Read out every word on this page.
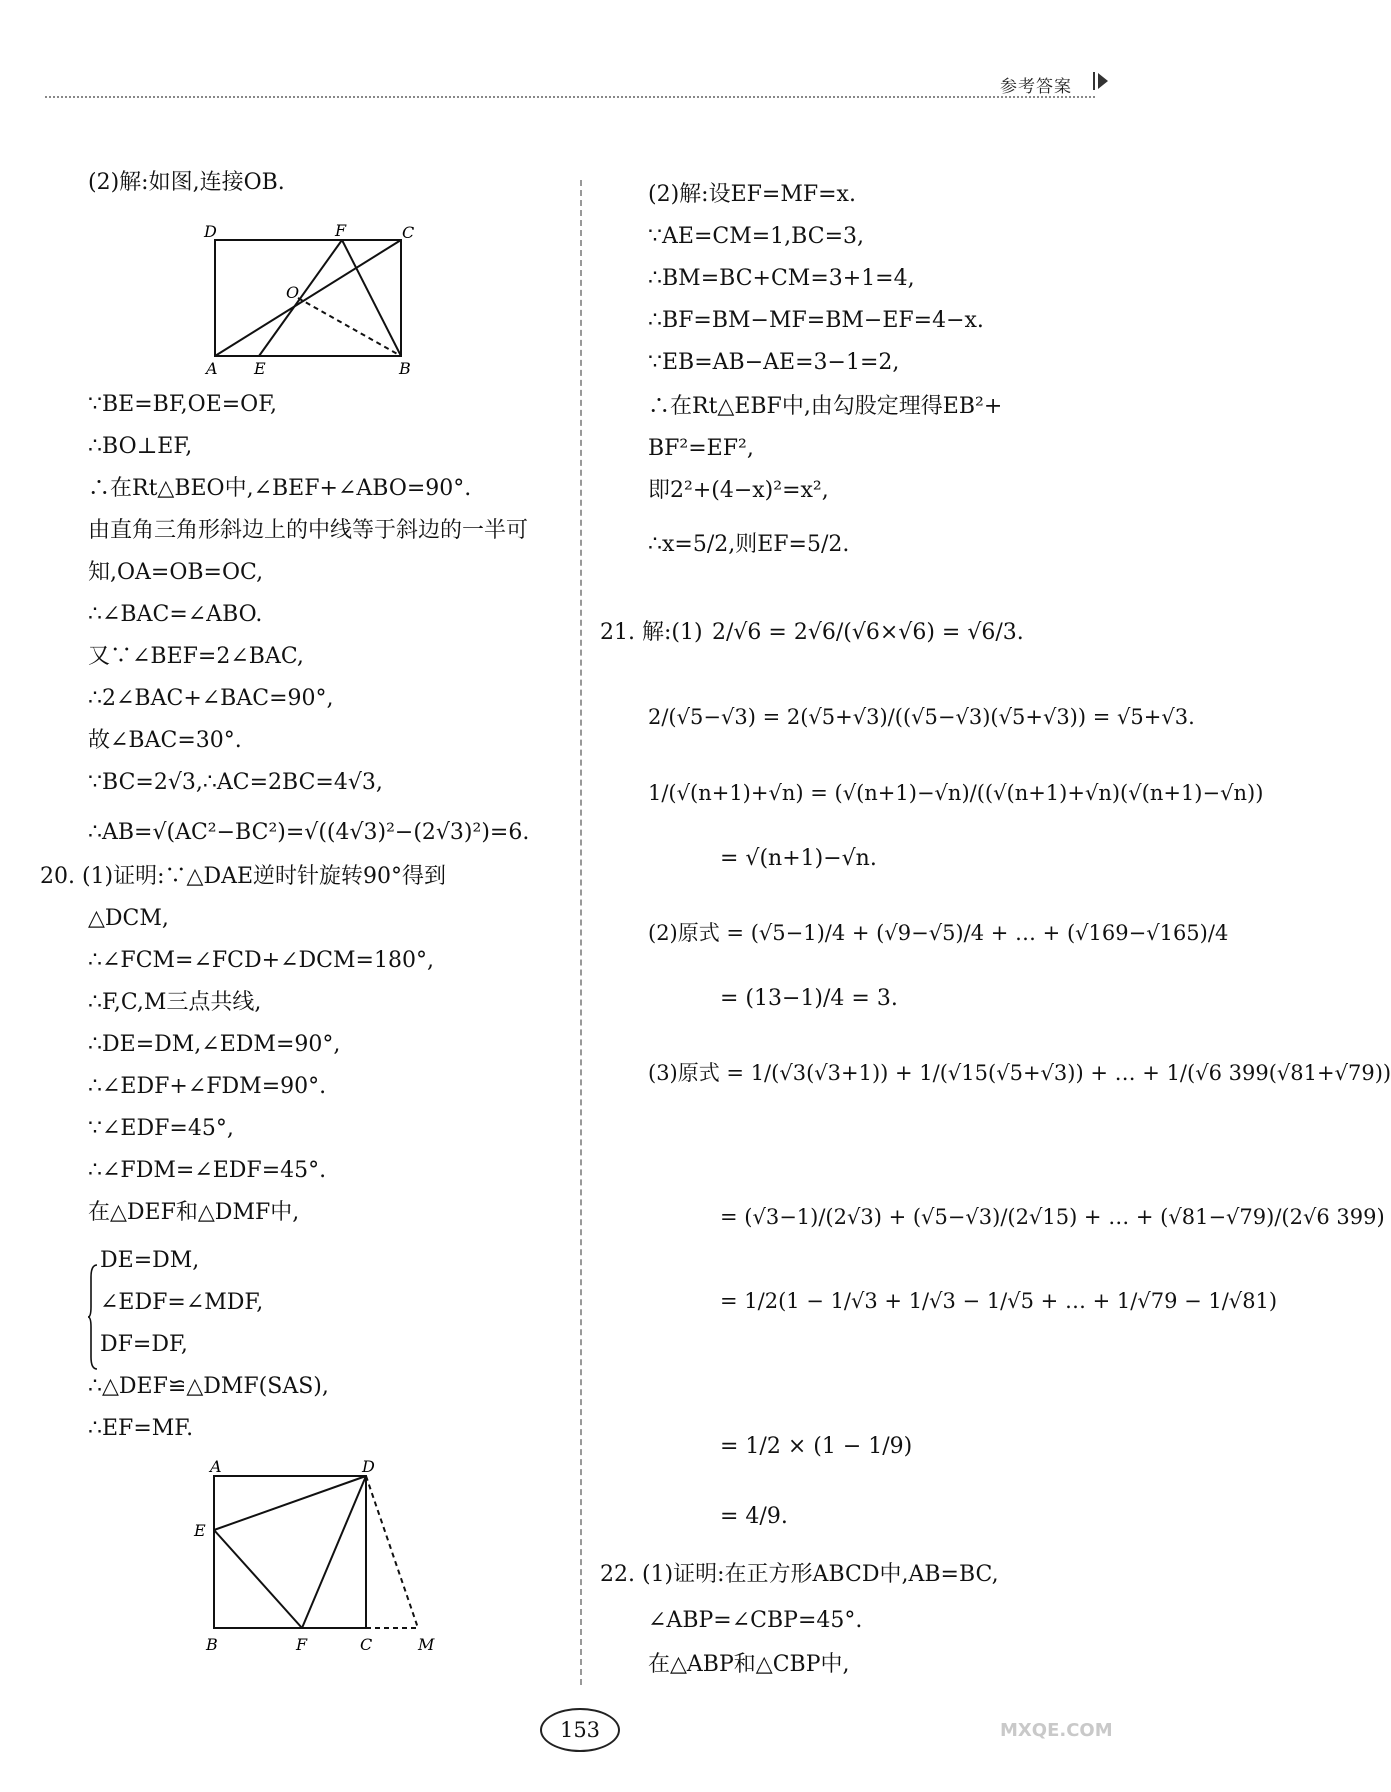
参考答案
(2)解:如图,连接OB.
D	F	C
O
A E	B
∵BE=BF,OE=OF,
∴BO⊥EF,
∴在Rt△BEO中,∠BEF+∠ABO=90°.
由直角三角形斜边上的中线等于斜边的一半可
知,OA=OB=OC,
∴∠BAC=∠ABO.
又∵∠BEF=2∠BAC,
∴2∠BAC+∠BAC=90°,
故∠BAC=30°.
∵BC=2√3,∴AC=2BC=4√3,
∴AB=√(AC²−BC²)=√((4√3)²−(2√3)²)=6.
20. (1)证明:∵△DAE逆时针旋转90°得到
△DCM,
∴∠FCM=∠FCD+∠DCM=180°,
∴F,C,M三点共线,
∴DE=DM,∠EDM=90°,
∴∠EDF+∠FDM=90°.
∵∠EDF=45°,
∴∠FDM=∠EDF=45°.
在△DEF和△DMF中,
DE=DM,
∠EDF=∠MDF,
DF=DF,
∴△DEF≌△DMF(SAS),
∴EF=MF.
A	D
E
B	F	C	M
(2)解:设EF=MF=x.
∵AE=CM=1,BC=3,
∴BM=BC+CM=3+1=4,
∴BF=BM−MF=BM−EF=4−x.
∵EB=AB−AE=3−1=2,
∴在Rt△EBF中,由勾股定理得EB²+
BF²=EF²,
即2²+(4−x)²=x²,
∴x=5/2,则EF=5/2.
21. 解:(1) 2/√6 = 2√6/(√6×√6) = √6/3.
2/(√5−√3) = 2(√5+√3)/((√5−√3)(√5+√3)) = √5+√3.
1/(√(n+1)+√n) = (√(n+1)−√n)/((√(n+1)+√n)(√(n+1)−√n))
= √(n+1)−√n.
(2)原式 = (√5−1)/4 + (√9−√5)/4 + … + (√169−√165)/4
= (13−1)/4 = 3.
(3)原式 = 1/(√3(√3+1)) + 1/(√15(√5+√3)) + … + 1/(√6 399(√81+√79))
= (√3−1)/(2√3) + (√5−√3)/(2√15) + … + (√81−√79)/(2√6 399)
= 1/2(1 − 1/√3 + 1/√3 − 1/√5 + … + 1/√79 − 1/√81)
= 1/2 × (1 − 1/9)
= 4/9.
22. (1)证明:在正方形ABCD中,AB=BC,
∠ABP=∠CBP=45°.
在△ABP和△CBP中,
153	MXQE.COM
